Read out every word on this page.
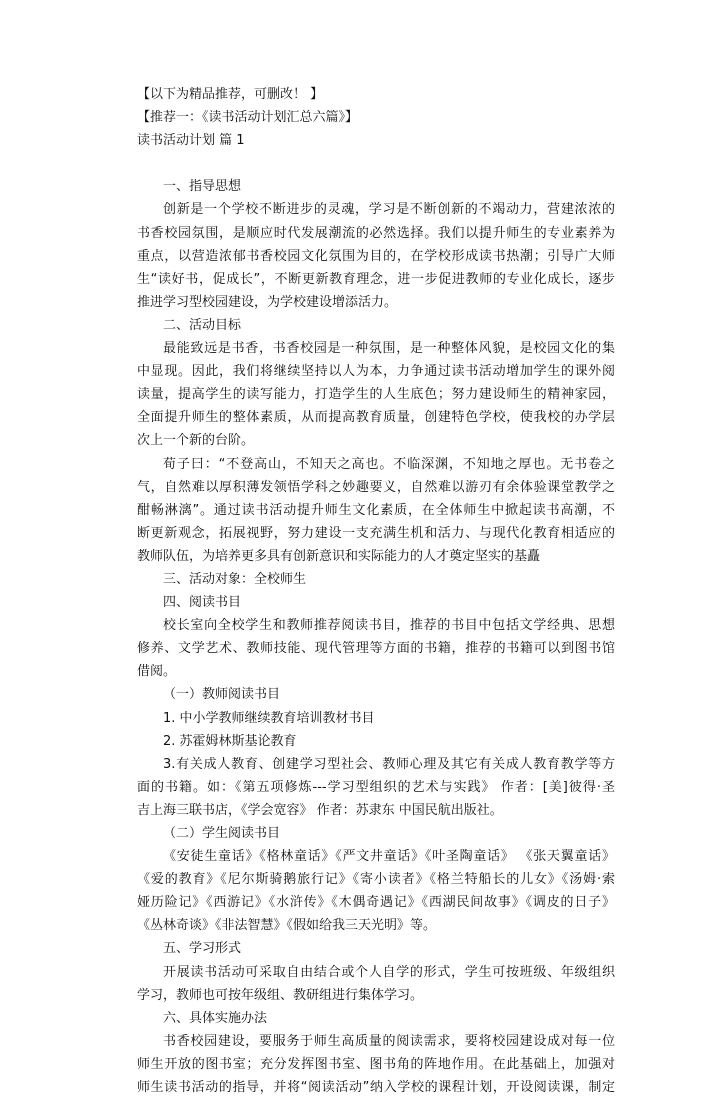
【以下为精品推荐，可删改！ 】
【推荐一：《读书活动计划汇总六篇》】
读书活动计划 篇 1
一、指导思想
创新是一个学校不断进步的灵魂，学习是不断创新的不竭动力，营建浓浓的
书香校园氛围，是顺应时代发展潮流的必然选择。我们以提升师生的专业素养为
重点，以营造浓郁书香校园文化氛围为目的，在学校形成读书热潮；引导广大师
生“读好书，促成长”，不断更新教育理念，进一步促进教师的专业化成长，逐步
推进学习型校园建设，为学校建设增添活力。
二、活动目标
最能致远是书香，书香校园是一种氛围，是一种整体风貌，是校园文化的集
中显现。因此，我们将继续坚持以人为本，力争通过读书活动增加学生的课外阅
读量，提高学生的读写能力，打造学生的人生底色；努力建设师生的精神家园，
全面提升师生的整体素质，从而提高教育质量，创建特色学校，使我校的办学层
次上一个新的台阶。
荀子曰：“不登高山，不知天之高也。不临深渊，不知地之厚也。无书卷之
气，自然难以厚积薄发领悟学科之妙趣要义，自然难以游刃有余体验课堂教学之
酣畅淋漓”。通过读书活动提升师生文化素质，在全体师生中掀起读书高潮，不
断更新观念，拓展视野，努力建设一支充满生机和活力、与现代化教育相适应的
教师队伍，为培养更多具有创新意识和实际能力的人才奠定坚实的基矗
三、活动对象：全校师生
四、阅读书目
校长室向全校学生和教师推荐阅读书目，推荐的书目中包括文学经典、思想
修养、文学艺术、教师技能、现代管理等方面的书籍，推荐的书籍可以到图书馆
借阅。
（一）教师阅读书目
1. 中小学教师继续教育培训教材书目
2. 苏霍姆林斯基论教育
3.有关成人教育、创建学习型社会、教师心理及其它有关成人教育教学等方
面的书籍。如：《第五项修炼---学习型组织的艺术与实践》 作者：[美]彼得·圣
吉上海三联书店，《学会宽容》 作者：苏隶东 中国民航出版社。
（二）学生阅读书目
《安徒生童话》《格林童话》《严文井童话》《叶圣陶童话》 《张天翼童话》
《爱的教育》《尼尔斯骑鹅旅行记》《寄小读者》《格兰特船长的儿女》《汤姆·索
娅历险记》《西游记》《水浒传》《木偶奇遇记》《西湖民间故事》《调皮的日子》
《丛林奇谈》《非法智慧》《假如给我三天光明》等。
五、学习形式
开展读书活动可采取自由结合或个人自学的形式，学生可按班级、年级组织
学习，教师也可按年级组、教研组进行集体学习。
六、具体实施办法
书香校园建设，要服务于师生高质量的阅读需求，要将校园建设成对每一位
师生开放的图书室；充分发挥图书室、图书角的阵地作用。在此基础上，加强对
师生读书活动的指导，并将“阅读活动”纳入学校的课程计划，开设阅读课，制定
